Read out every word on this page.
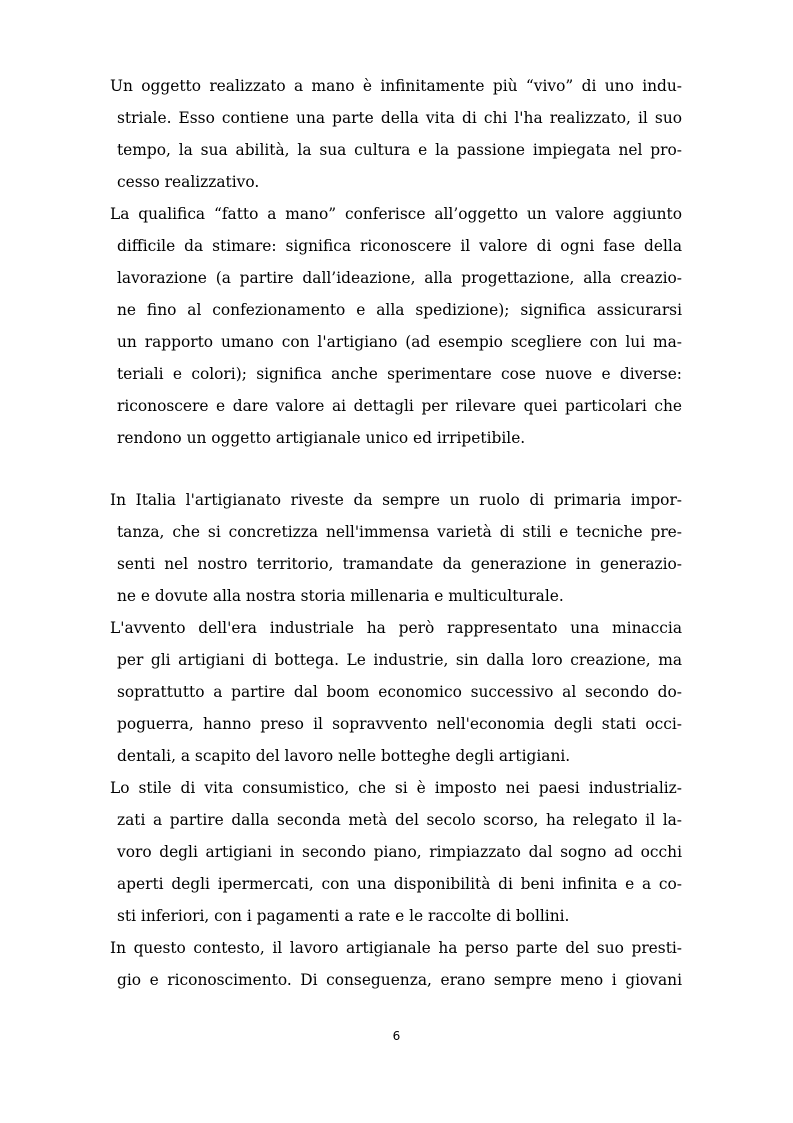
Un oggetto realizzato a mano è infinitamente più “vivo” di uno indu-
striale. Esso contiene una parte della vita di chi l'ha realizzato, il suo
tempo, la sua abilità, la sua cultura e la passione impiegata nel pro-
cesso realizzativo.
La qualifica “fatto a mano” conferisce all’oggetto un valore aggiunto
difficile da stimare: significa riconoscere il valore di ogni fase della
lavorazione (a partire dall’ideazione, alla progettazione, alla creazio-
ne fino al confezionamento e alla spedizione); significa assicurarsi
un rapporto umano con l'artigiano (ad esempio scegliere con lui ma-
teriali e colori); significa anche sperimentare cose nuove e diverse:
riconoscere e dare valore ai dettagli per rilevare quei particolari che
rendono un oggetto artigianale unico ed irripetibile.
In Italia l'artigianato riveste da sempre un ruolo di primaria impor-
tanza, che si concretizza nell'immensa varietà di stili e tecniche pre-
senti nel nostro territorio, tramandate da generazione in generazio-
ne e dovute alla nostra storia millenaria e multiculturale.
L'avvento dell'era industriale ha però rappresentato una minaccia
per gli artigiani di bottega. Le industrie, sin dalla loro creazione, ma
soprattutto a partire dal boom economico successivo al secondo do-
poguerra, hanno preso il sopravvento nell'economia degli stati occi-
dentali, a scapito del lavoro nelle botteghe degli artigiani.
Lo stile di vita consumistico, che si è imposto nei paesi industrializ-
zati a partire dalla seconda metà del secolo scorso, ha relegato il la-
voro degli artigiani in secondo piano, rimpiazzato dal sogno ad occhi
aperti degli ipermercati, con una disponibilità di beni infinita e a co-
sti inferiori, con i pagamenti a rate e le raccolte di bollini.
In questo contesto, il lavoro artigianale ha perso parte del suo presti-
gio e riconoscimento. Di conseguenza, erano sempre meno i giovani
6
